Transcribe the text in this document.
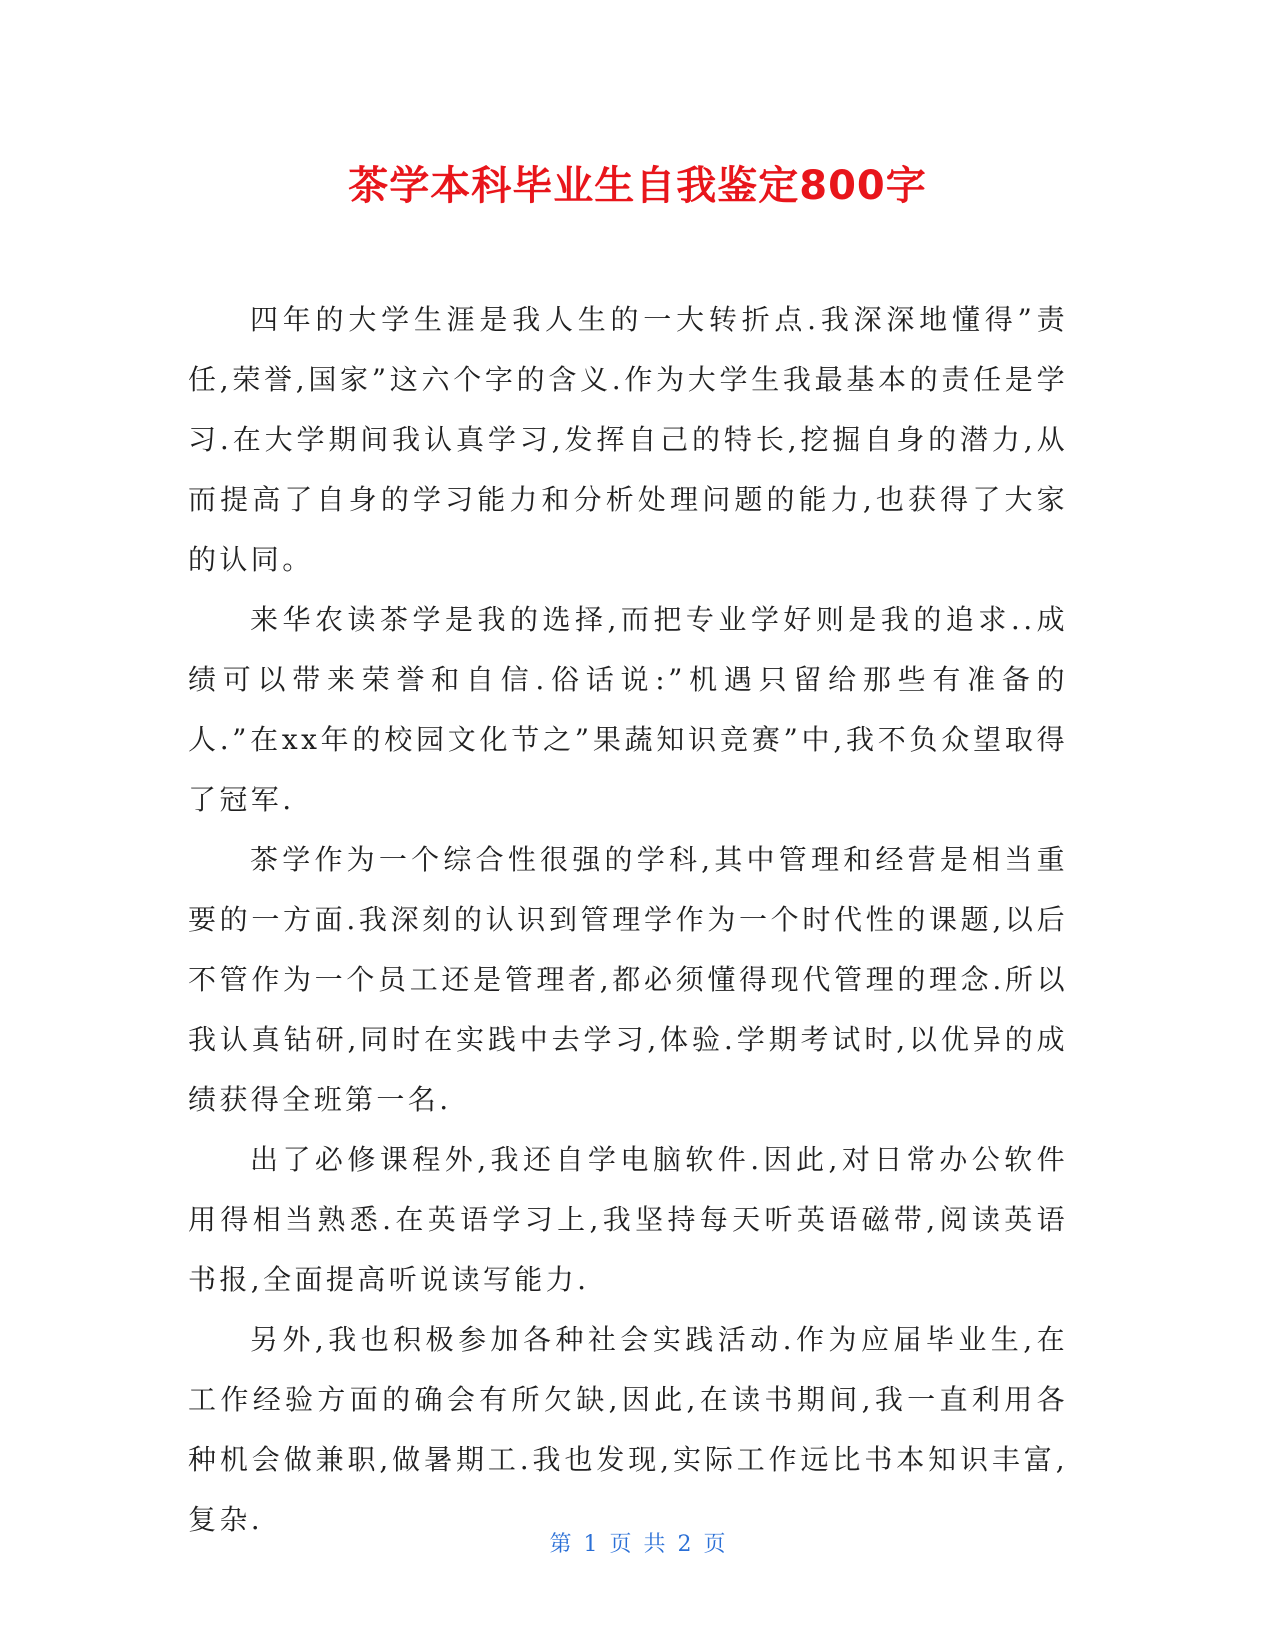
茶学本科毕业生自我鉴定800字

四年的大学生涯是我人生的一大转折点.我深深地懂得”责任,荣誉,国家”这六个字的含义.作为大学生我最基本的责任是学习.在大学期间我认真学习,发挥自己的特长,挖掘自身的潜力,从而提高了自身的学习能力和分析处理问题的能力,也获得了大家的认同。

来华农读茶学是我的选择,而把专业学好则是我的追求..成绩可以带来荣誉和自信.俗话说:”机遇只留给那些有准备的人.”在xx年的校园文化节之”果蔬知识竞赛”中,我不负众望取得了冠军.

茶学作为一个综合性很强的学科,其中管理和经营是相当重要的一方面.我深刻的认识到管理学作为一个时代性的课题,以后不管作为一个员工还是管理者,都必须懂得现代管理的理念.所以我认真钻研,同时在实践中去学习,体验.学期考试时,以优异的成绩获得全班第一名.

出了必修课程外,我还自学电脑软件.因此,对日常办公软件用得相当熟悉.在英语学习上,我坚持每天听英语磁带,阅读英语书报,全面提高听说读写能力.

另外,我也积极参加各种社会实践活动.作为应届毕业生,在工作经验方面的确会有所欠缺,因此,在读书期间,我一直利用各种机会做兼职,做暑期工.我也发现,实际工作远比书本知识丰富,复杂.

第 1 页 共 2 页
